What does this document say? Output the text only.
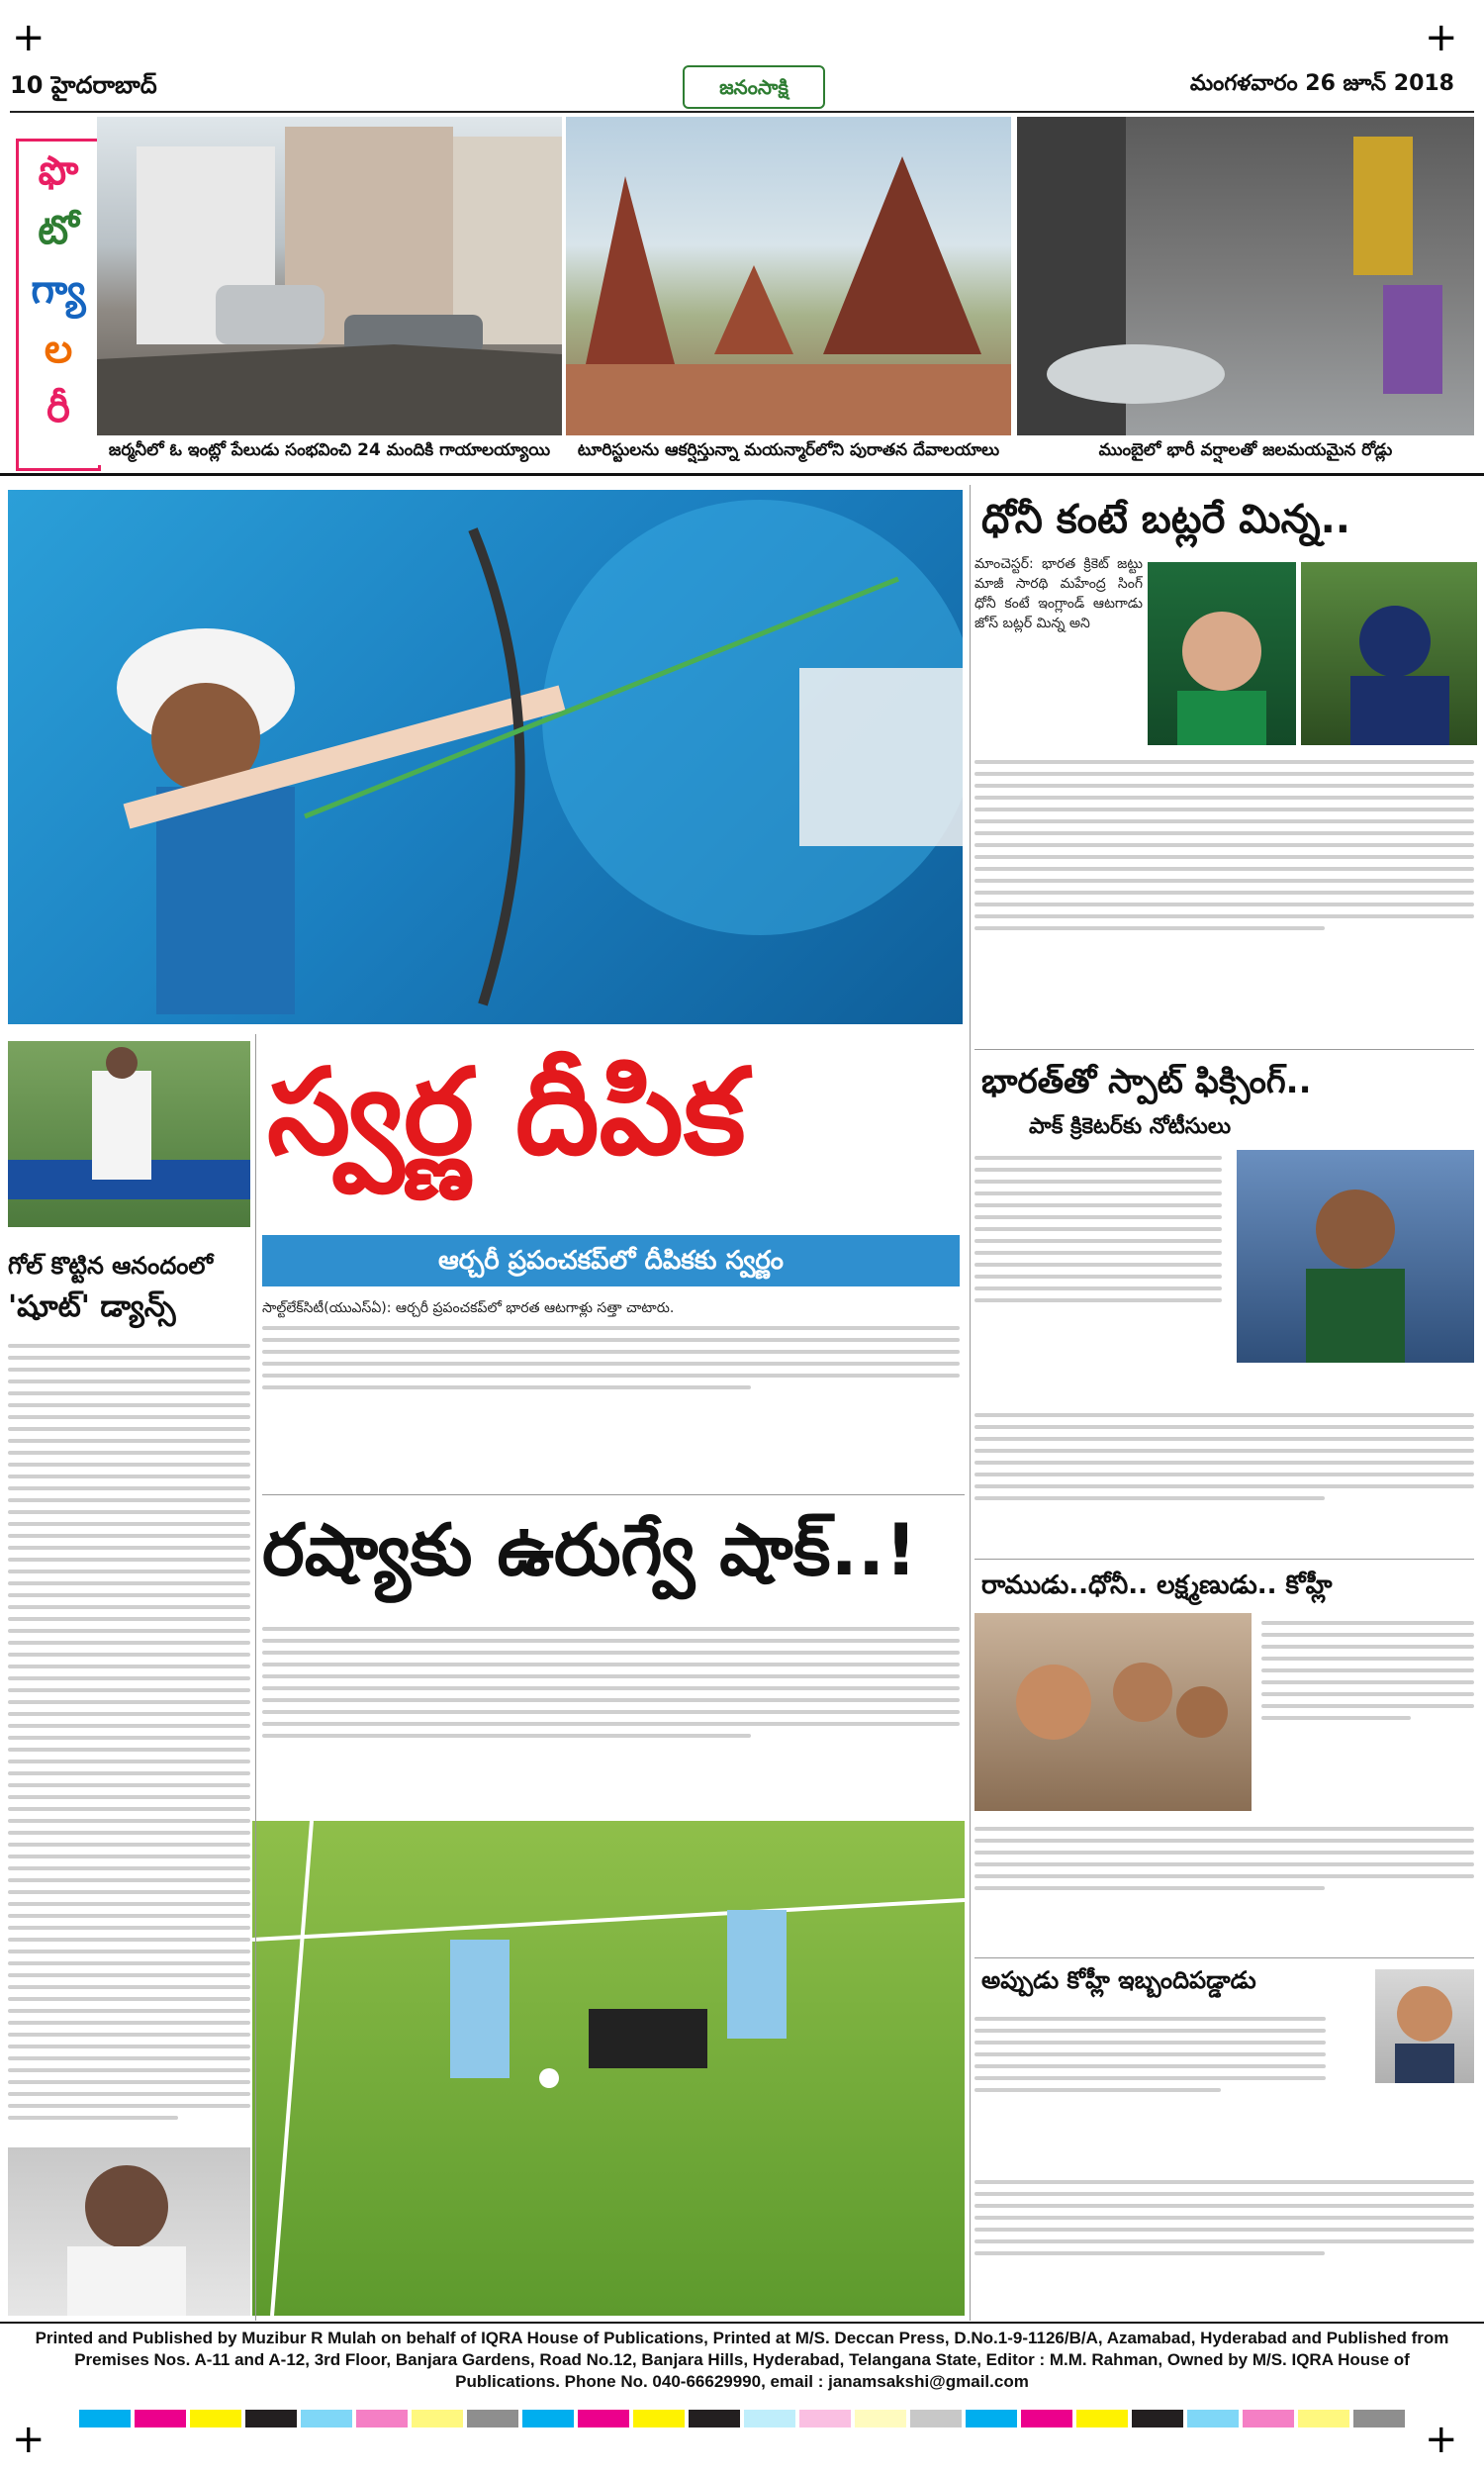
+	+
+	+
10 హైదరాబాద్	జనంసాక్షి	మంగళవారం 26 జూన్ 2018
ఫొ
టో
గ్యా
ల
రీ
జర్మనీలో ఓ ఇంట్లో పేలుడు సంభవించి 24 మందికి గాయాలయ్యాయి	టూరిస్టులను ఆకర్షిస్తున్నా మయన్మార్‌లోని పురాతన దేవాలయాలు	ముంబైలో భారీ వర్షాలతో జలమయమైన రోడ్లు
స్వర్ణ దీపిక
ఆర్చరీ ప్రపంచకప్‌లో దీపికకు స్వర్ణం
సాల్ట్‌లేక్‌సిటీ(యుఎస్‌ఏ): ఆర్చరీ ప్రపంచకప్‌లో భారత ఆటగాళ్లు సత్తా చాటారు.
గోల్ కొట్టిన ఆనందంలో
'షూట్' డ్యాన్స్
రష్యాకు ఉరుగ్వే షాక్..!
ధోనీ కంటే బట్లరే మిన్న..
మాంచెస్టర్‌: భారత క్రికెట్ జట్టు మాజీ సారథి మహేంద్ర సింగ్ ధోనీ కంటే ఇంగ్లాండ్ ఆటగాడు జోస్ బట్లర్ మిన్న అని
భారత్‌తో స్పాట్ ఫిక్సింగ్..
పాక్ క్రికెటర్‌కు నోటీసులు
రాముడు..ధోనీ.. లక్ష్మణుడు.. కోహ్లీ
అప్పుడు కోహ్లీ ఇబ్బందిపడ్డాడు
Printed and Published by Muzibur R Mulah on behalf of IQRA House of Publications, Printed at M/S. Deccan Press, D.No.1-9-1126/B/A, Azamabad, Hyderabad and Published from Premises Nos. A-11 and A-12, 3rd Floor, Banjara Gardens, Road No.12, Banjara Hills, Hyderabad, Telangana State, Editor : M.M. Rahman, Owned by M/S. IQRA House of Publications. Phone No. 040-66629990, email : janamsakshi@gmail.com
